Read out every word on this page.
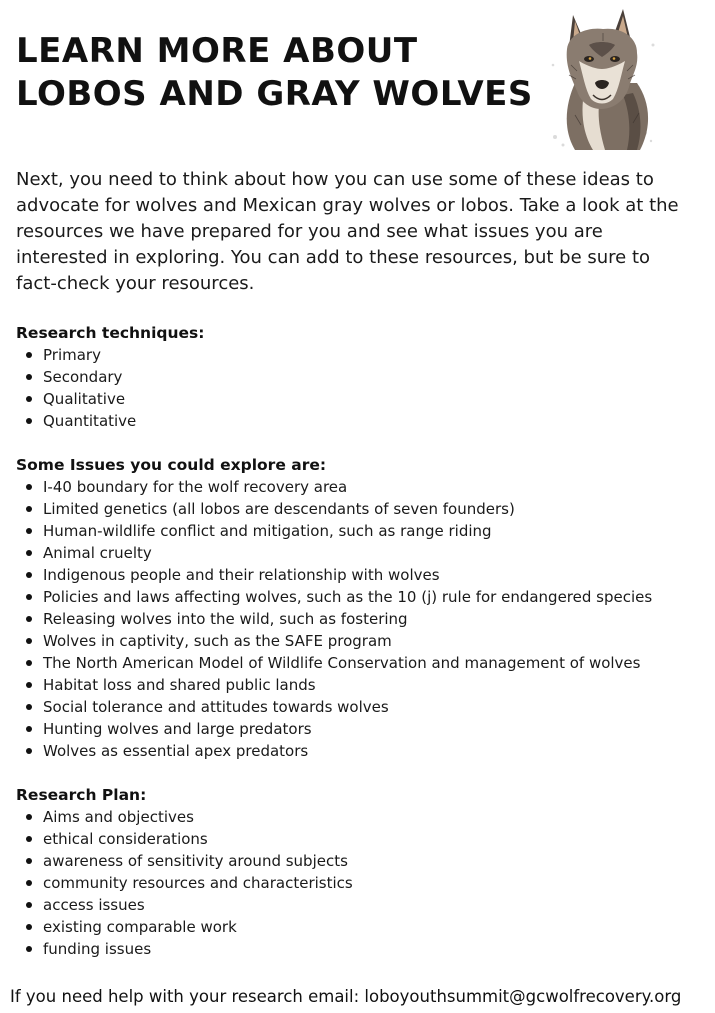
LEARN MORE ABOUT LOBOS AND GRAY WOLVES

Next, you need to think about how you can use some of these ideas to advocate for wolves and Mexican gray wolves or lobos. Take a look at the resources we have prepared for you and see what issues you are interested in exploring. You can add to these resources, but be sure to fact-check your resources.

Research techniques:
Primary
Secondary
Qualitative
Quantitative
Some Issues you could explore are:
I-40 boundary for the wolf recovery area
Limited genetics (all lobos are descendants of seven founders)
Human-wildlife conflict and mitigation, such as range riding
Animal cruelty
Indigenous people and their relationship with wolves
Policies and laws affecting wolves, such as the 10 (j) rule for endangered species
Releasing wolves into the wild, such as fostering
Wolves in captivity, such as the SAFE program
The North American Model of Wildlife Conservation and management of wolves
Habitat loss and shared public lands
Social tolerance and attitudes towards wolves
Hunting wolves and large predators
Wolves as essential apex predators
Research Plan:
Aims and objectives
ethical considerations
awareness of sensitivity around subjects
community resources and characteristics
access issues
existing comparable work
funding issues

If you need help with your research email: loboyouthsummit@gcwolfrecovery.org
